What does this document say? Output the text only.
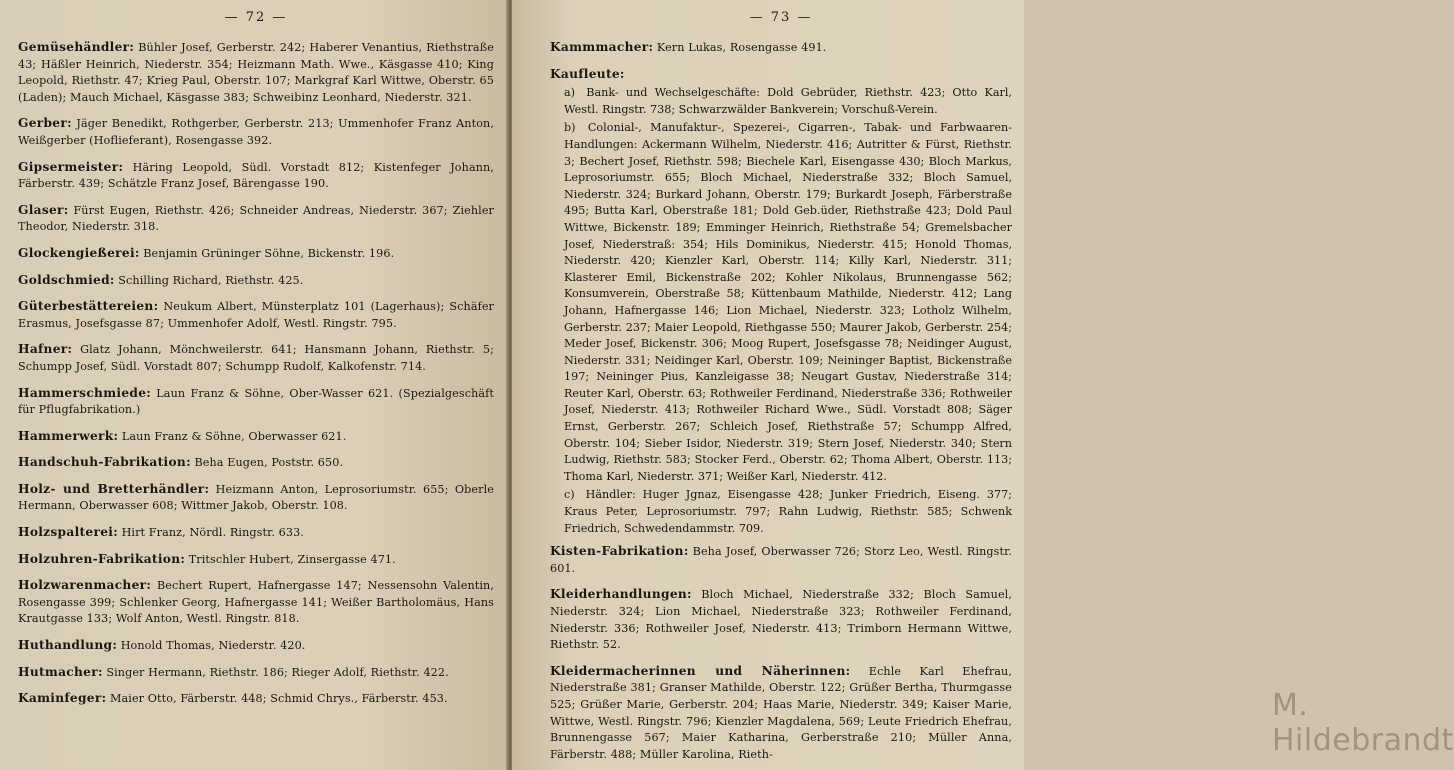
— 72 —
Gemüsehändler: Bühler Josef, Gerberstr. 242; Haberer Venantius, Riethstraße 43; Häßler Heinrich, Niederstr. 354; Heizmann Math. Wwe., Käsgasse 410; King Leopold, Riethstr. 47; Krieg Paul, Oberstr. 107; Markgraf Karl Wittwe, Oberstr. 65 (Laden); Mauch Michael, Käsgasse 383; Schweibinz Leonhard, Niederstr. 321.
Gerber: Jäger Benedikt, Rothgerber, Gerberstr. 213; Ummenhofer Franz Anton, Weißgerber (Hoflieferant), Rosengasse 392.
Gipsermeister: Häring Leopold, Südl. Vorstadt 812; Kistenfeger Johann, Färberstr. 439; Schätzle Franz Josef, Bärengasse 190.
Glaser: Fürst Eugen, Riethstr. 426; Schneider Andreas, Niederstr. 367; Ziehler Theodor, Niederstr. 318.
Glockengießerei: Benjamin Grüninger Söhne, Bickenstr. 196.
Goldschmied: Schilling Richard, Riethstr. 425.
Güterbestättereien: Neukum Albert, Münsterplatz 101 (Lagerhaus); Schäfer Erasmus, Josefsgasse 87; Ummenhofer Adolf, Westl. Ringstr. 795.
Hafner: Glatz Johann, Mönchweilerstr. 641; Hansmann Johann, Riethstr. 5; Schumpp Josef, Südl. Vorstadt 807; Schumpp Rudolf, Kalkofenstr. 714.
Hammerschmiede: Laun Franz & Söhne, Ober-Wasser 621. (Spezialgeschäft für Pflugfabrikation.)
Hammerwerk: Laun Franz & Söhne, Oberwasser 621.
Handschuh-Fabrikation: Beha Eugen, Poststr. 650.
Holz- und Bretterhändler: Heizmann Anton, Leprosoriumstr. 655; Oberle Hermann, Oberwasser 608; Wittmer Jakob, Oberstr. 108.
Holzspalterei: Hirt Franz, Nördl. Ringstr. 633.
Holzuhren-Fabrikation: Tritschler Hubert, Zinsergasse 471.
Holzwarenmacher: Bechert Rupert, Hafnergasse 147; Nessensohn Valentin, Rosengasse 399; Schlenker Georg, Hafnergasse 141; Weißer Bartholomäus, Hans Krautgasse 133; Wolf Anton, Westl. Ringstr. 818.
Huthandlung: Honold Thomas, Niederstr. 420.
Hutmacher: Singer Hermann, Riethstr. 186; Rieger Adolf, Riethstr. 422.
Kaminfeger: Maier Otto, Färberstr. 448; Schmid Chrys., Färberstr. 453.
— 73 —
Kammmacher: Kern Lukas, Rosengasse 491.
Kaufleute:
a) Bank- und Wechselgeschäfte: Dold Gebrüder, Riethstr. 423; Otto Karl, Westl. Ringstr. 738; Schwarzwälder Bankverein; Vorschuß-Verein.
b) Colonial-, Manufaktur-, Spezerei-, Cigarren-, Tabak- und Farbwaaren-Handlungen: Ackermann Wilhelm, Niederstr. 416; Autritter & Fürst, Riethstr. 3; Bechert Josef, Riethstr. 598; Biechele Karl, Eisengasse 430; Bloch Markus, Leprosoriumstr. 655; Bloch Michael, Niederstraße 332; Bloch Samuel, Niederstr. 324; Burkard Johann, Oberstr. 179; Burkardt Joseph, Färberstraße 495; Butta Karl, Oberstraße 181; Dold Geb.üder, Riethstraße 423; Dold Paul Wittwe, Bickenstr. 189; Emminger Heinrich, Riethstraße 54; Gremelsbacher Josef, Niederstraß: 354; Hils Dominikus, Niederstr. 415; Honold Thomas, Niederstr. 420; Kienzler Karl, Oberstr. 114; Killy Karl, Niederstr. 311; Klasterer Emil, Bickenstraße 202; Kohler Nikolaus, Brunnengasse 562; Konsumverein, Oberstraße 58; Küttenbaum Mathilde, Niederstr. 412; Lang Johann, Hafnergasse 146; Lion Michael, Niederstr. 323; Lotholz Wilhelm, Gerberstr. 237; Maier Leopold, Riethgasse 550; Maurer Jakob, Gerberstr. 254; Meder Josef, Bickenstr. 306; Moog Rupert, Josefsgasse 78; Neidinger August, Niederstr. 331; Neidinger Karl, Oberstr. 109; Neininger Baptist, Bickenstraße 197; Neininger Pius, Kanzleigasse 38; Neugart Gustav, Niederstraße 314; Reuter Karl, Oberstr. 63; Rothweiler Ferdinand, Niederstraße 336; Rothweiler Josef, Niederstr. 413; Rothweiler Richard Wwe., Südl. Vorstadt 808; Säger Ernst, Gerberstr. 267; Schleich Josef, Riethstraße 57; Schumpp Alfred, Oberstr. 104; Sieber Isidor, Niederstr. 319; Stern Josef, Niederstr. 340; Stern Ludwig, Riethstr. 583; Stocker Ferd., Oberstr. 62; Thoma Albert, Oberstr. 113; Thoma Karl, Niederstr. 371; Weißer Karl, Niederstr. 412.
c) Händler: Huger Jgnaz, Eisengasse 428; Junker Friedrich, Eiseng. 377; Kraus Peter, Leprosoriumstr. 797; Rahn Ludwig, Riethstr. 585; Schwenk Friedrich, Schwedendammstr. 709.
Kisten-Fabrikation: Beha Josef, Oberwasser 726; Storz Leo, Westl. Ringstr. 601.
Kleiderhandlungen: Bloch Michael, Niederstraße 332; Bloch Samuel, Niederstr. 324; Lion Michael, Niederstraße 323; Rothweiler Ferdinand, Niederstr. 336; Rothweiler Josef, Niederstr. 413; Trimborn Hermann Wittwe, Riethstr. 52.
Kleidermacherinnen und Näherinnen: Echle Karl Ehefrau, Niederstraße 381; Granser Mathilde, Oberstr. 122; Grüßer Bertha, Thurmgasse 525; Grüßer Marie, Gerberstr. 204; Haas Marie, Niederstr. 349; Kaiser Marie, Wittwe, Westl. Ringstr. 796; Kienzler Magdalena, 569; Leute Friedrich Ehefrau, Brunnengasse 567; Maier Katharina, Gerberstraße 210; Müller Anna, Färberstr. 488; Müller Karolina, Rieth-
M. Hildebrandt
